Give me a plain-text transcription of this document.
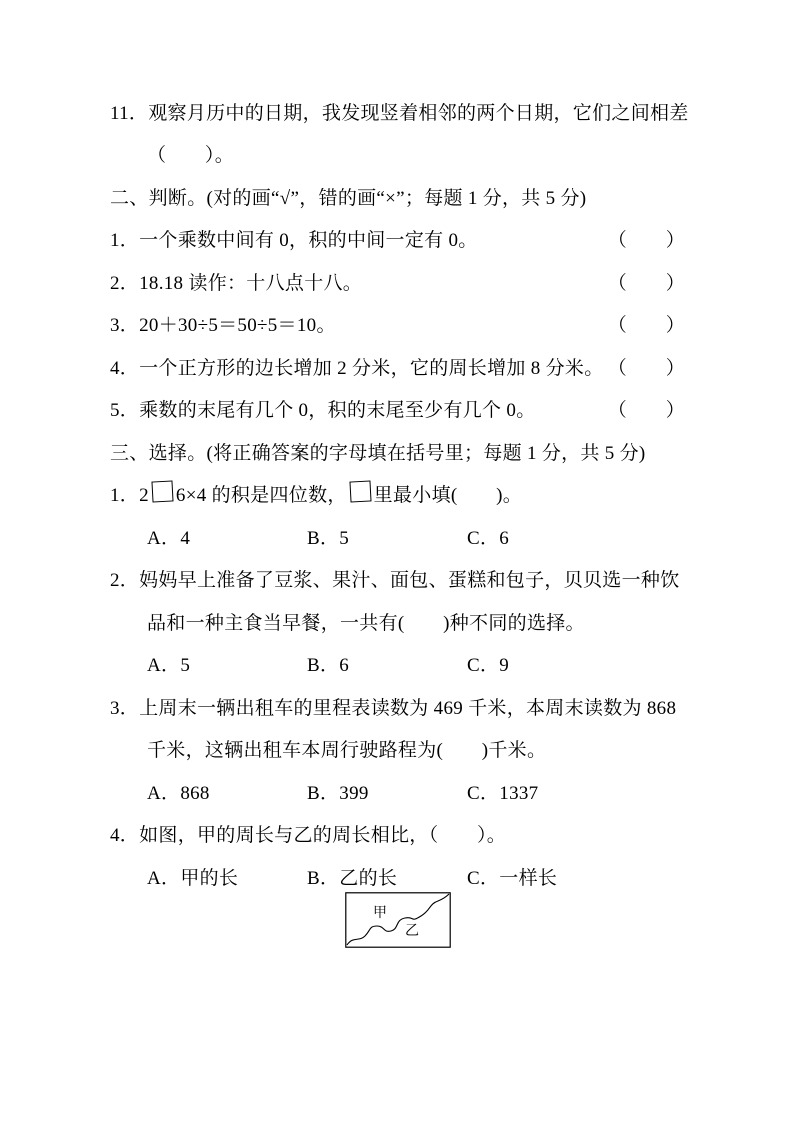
11．观察月历中的日期，我发现竖着相邻的两个日期，它们之间相差
（　　）。
二、判断。(对的画“√”，错的画“×”；每题 1 分，共 5 分)
1．一个乘数中间有 0，积的中间一定有 0。	（　　）
2．18.18 读作：十八点十八。	（　　）
3．20＋30÷5＝50÷5＝10。	（　　）
4．一个正方形的边长增加 2 分米，它的周长增加 8 分米。 （　　）
5．乘数的末尾有几个 0，积的末尾至少有几个 0。	（　　）
三、选择。(将正确答案的字母填在括号里；每题 1 分，共 5 分)
1．2 6×4 的积是四位数， 里最小填(　　)。
A．4	B．5	C．6
2．妈妈早上准备了豆浆、果汁、面包、蛋糕和包子，贝贝选一种饮
品和一种主食当早餐，一共有(　　)种不同的选择。
A．5	B．6	C．9
3．上周末一辆出租车的里程表读数为 469 千米，本周末读数为 868
千米，这辆出租车本周行驶路程为(　　)千米。
A．868	B．399	C．1337
4．如图，甲的周长与乙的周长相比，（　　）。
A．甲的长	B．乙的长	C．一样长
甲
乙
